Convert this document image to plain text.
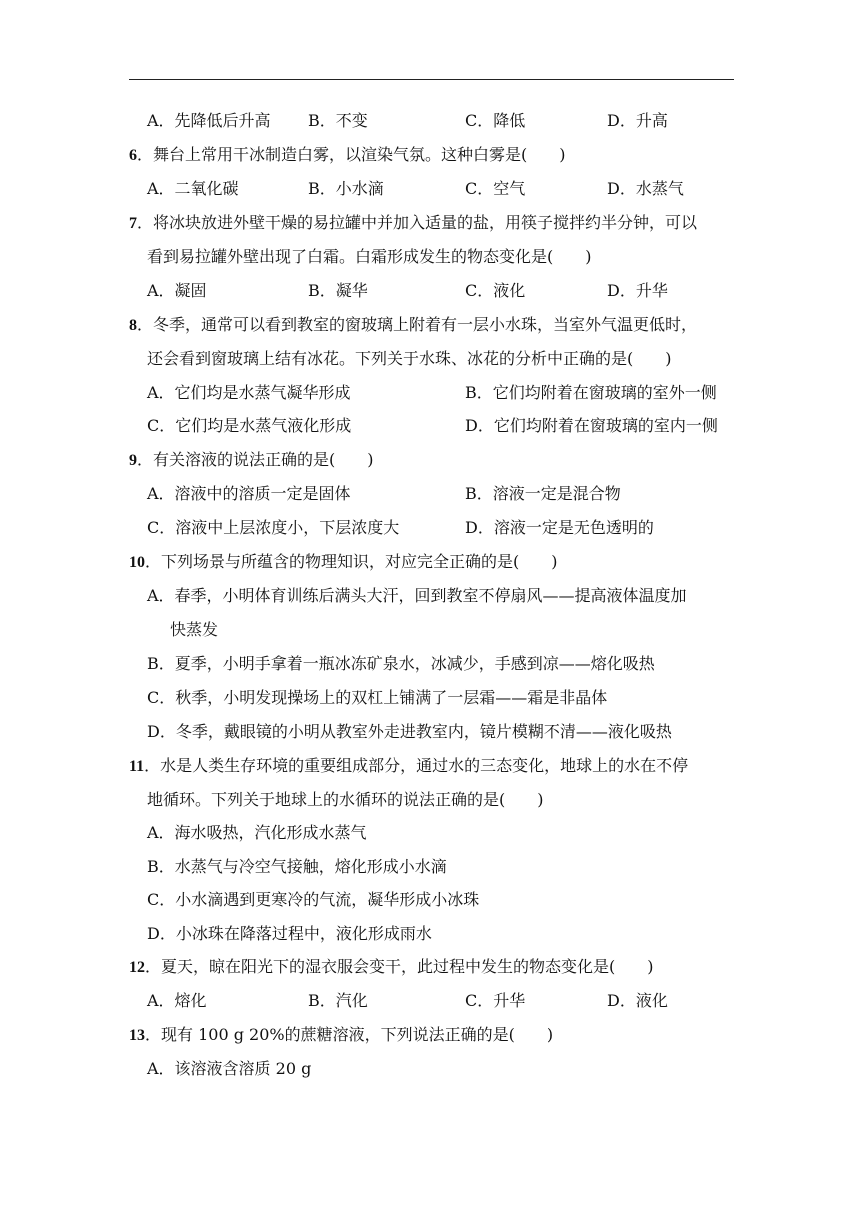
A．先降低后升高 B．不变	C．降低	D．升高
6．舞台上常用干冰制造白雾，以渲染气氛。这种白雾是(　　)
A．二氧化碳	B．小水滴	C．空气	D．水蒸气
7．将冰块放进外壁干燥的易拉罐中并加入适量的盐，用筷子搅拌约半分钟，可以
看到易拉罐外壁出现了白霜。白霜形成发生的物态变化是(　　)
A．凝固	B．凝华	C．液化	D．升华
8．冬季，通常可以看到教室的窗玻璃上附着有一层小水珠，当室外气温更低时，
还会看到窗玻璃上结有冰花。下列关于水珠、冰花的分析中正确的是(　　)
A．它们均是水蒸气凝华形成	B．它们均附着在窗玻璃的室外一侧
C．它们均是水蒸气液化形成	D．它们均附着在窗玻璃的室内一侧
9．有关溶液的说法正确的是(　　)
A．溶液中的溶质一定是固体	B．溶液一定是混合物
C．溶液中上层浓度小，下层浓度大	D．溶液一定是无色透明的
10．下列场景与所蕴含的物理知识，对应完全正确的是(　　)
A．春季，小明体育训练后满头大汗，回到教室不停扇风——提高液体温度加
快蒸发
B．夏季，小明手拿着一瓶冰冻矿泉水，冰减少，手感到凉——熔化吸热
C．秋季，小明发现操场上的双杠上铺满了一层霜——霜是非晶体
D．冬季，戴眼镜的小明从教室外走进教室内，镜片模糊不清——液化吸热
11．水是人类生存环境的重要组成部分，通过水的三态变化，地球上的水在不停
地循环。下列关于地球上的水循环的说法正确的是(　　)
A．海水吸热，汽化形成水蒸气
B．水蒸气与冷空气接触，熔化形成小水滴
C．小水滴遇到更寒冷的气流，凝华形成小冰珠
D．小冰珠在降落过程中，液化形成雨水
12．夏天，晾在阳光下的湿衣服会变干，此过程中发生的物态变化是(　　)
A．熔化	B．汽化	C．升华	D．液化
13．现有 100 g 20%的蔗糖溶液，下列说法正确的是(　　)
A．该溶液含溶质 20 g
